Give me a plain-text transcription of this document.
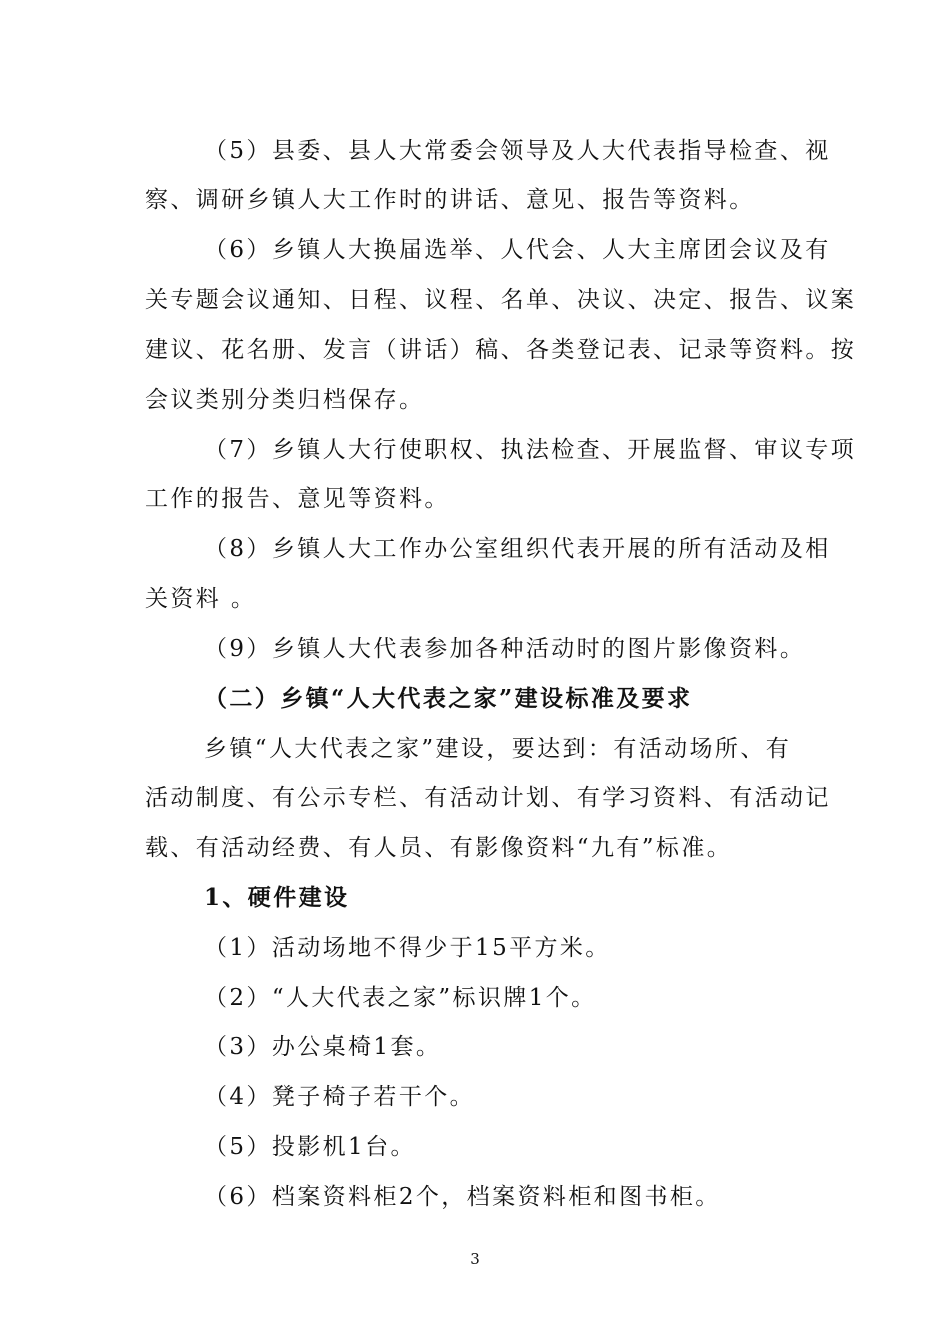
（5）县委、县人大常委会领导及人大代表指导检查、视
察、调研乡镇人大工作时的讲话、意见、报告等资料。
（6）乡镇人大换届选举、人代会、人大主席团会议及有
关专题会议通知、日程、议程、名单、决议、决定、报告、议案
建议、花名册、发言（讲话）稿、各类登记表、记录等资料。按
会议类别分类归档保存。
（7）乡镇人大行使职权、执法检查、开展监督、审议专项
工作的报告、意见等资料。
（8）乡镇人大工作办公室组织代表开展的所有活动及相
关资料 。
（9）乡镇人大代表参加各种活动时的图片影像资料。
（二）乡镇“人大代表之家”建设标准及要求
乡镇“人大代表之家”建设，要达到：有活动场所、有
活动制度、有公示专栏、有活动计划、有学习资料、有活动记
载、有活动经费、有人员、有影像资料“九有”标准。
1、硬件建设
（1）活动场地不得少于15平方米。
（2）“人大代表之家”标识牌1个。
（3）办公桌椅1套。
（4）凳子椅子若干个。
（5）投影机1台。
（6）档案资料柜2个，档案资料柜和图书柜。
3
